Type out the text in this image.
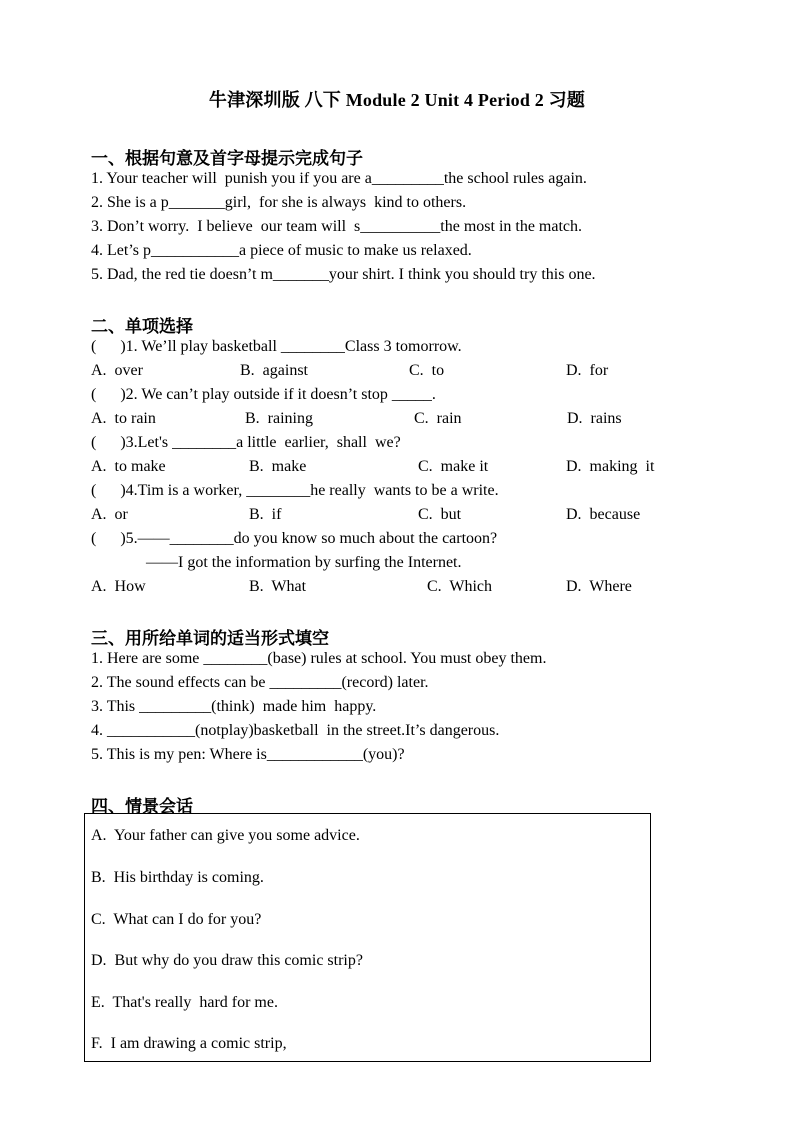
牛津深圳版 八下 Module 2 Unit 4 Period 2 习题
一、根据句意及首字母提示完成句子
1. Your teacher will  punish you if you are a_________the school rules again.
2. She is a p_______girl,  for she is always  kind to others.
3. Don’t worry.  I believe  our team will  s__________the most in the match.
4. Let’s p___________a piece of music to make us relaxed.
5. Dad, the red tie doesn’t m_______your shirt. I think you should try this one.
二、单项选择
(      )1. We’ll play basketball ________Class 3 tomorrow.
A.  over	B.  against	C.  to	D.  for
(      )2. We can’t play outside if it doesn’t stop _____.
A.  to rain	B.  raining	C.  rain	D.  rains
(      )3.Let's ________a little  earlier,  shall  we?
A.  to make	B.  make	C.  make it	D.  making  it
(      )4.Tim is a worker, ________he really  wants to be a write.
A.  or	B.  if	C.  but	D.  because
(      )5.——________do you know so much about the cartoon?
——I got the information by surfing the Internet.
A.  How	B.  What	C.  Which	D.  Where
三、用所给单词的适当形式填空
1. Here are some ________(base) rules at school. You must obey them.
2. The sound effects can be _________(record) later.
3. This _________(think)  made him  happy.
4. ___________(notplay)basketball  in the street.It’s dangerous.
5. This is my pen: Where is____________(you)?
四、情景会话
A.  Your father can give you some advice.
B.  His birthday is coming.
C.  What can I do for you?
D.  But why do you draw this comic strip?
E.  That's really  hard for me.
F.  I am drawing a comic strip,
